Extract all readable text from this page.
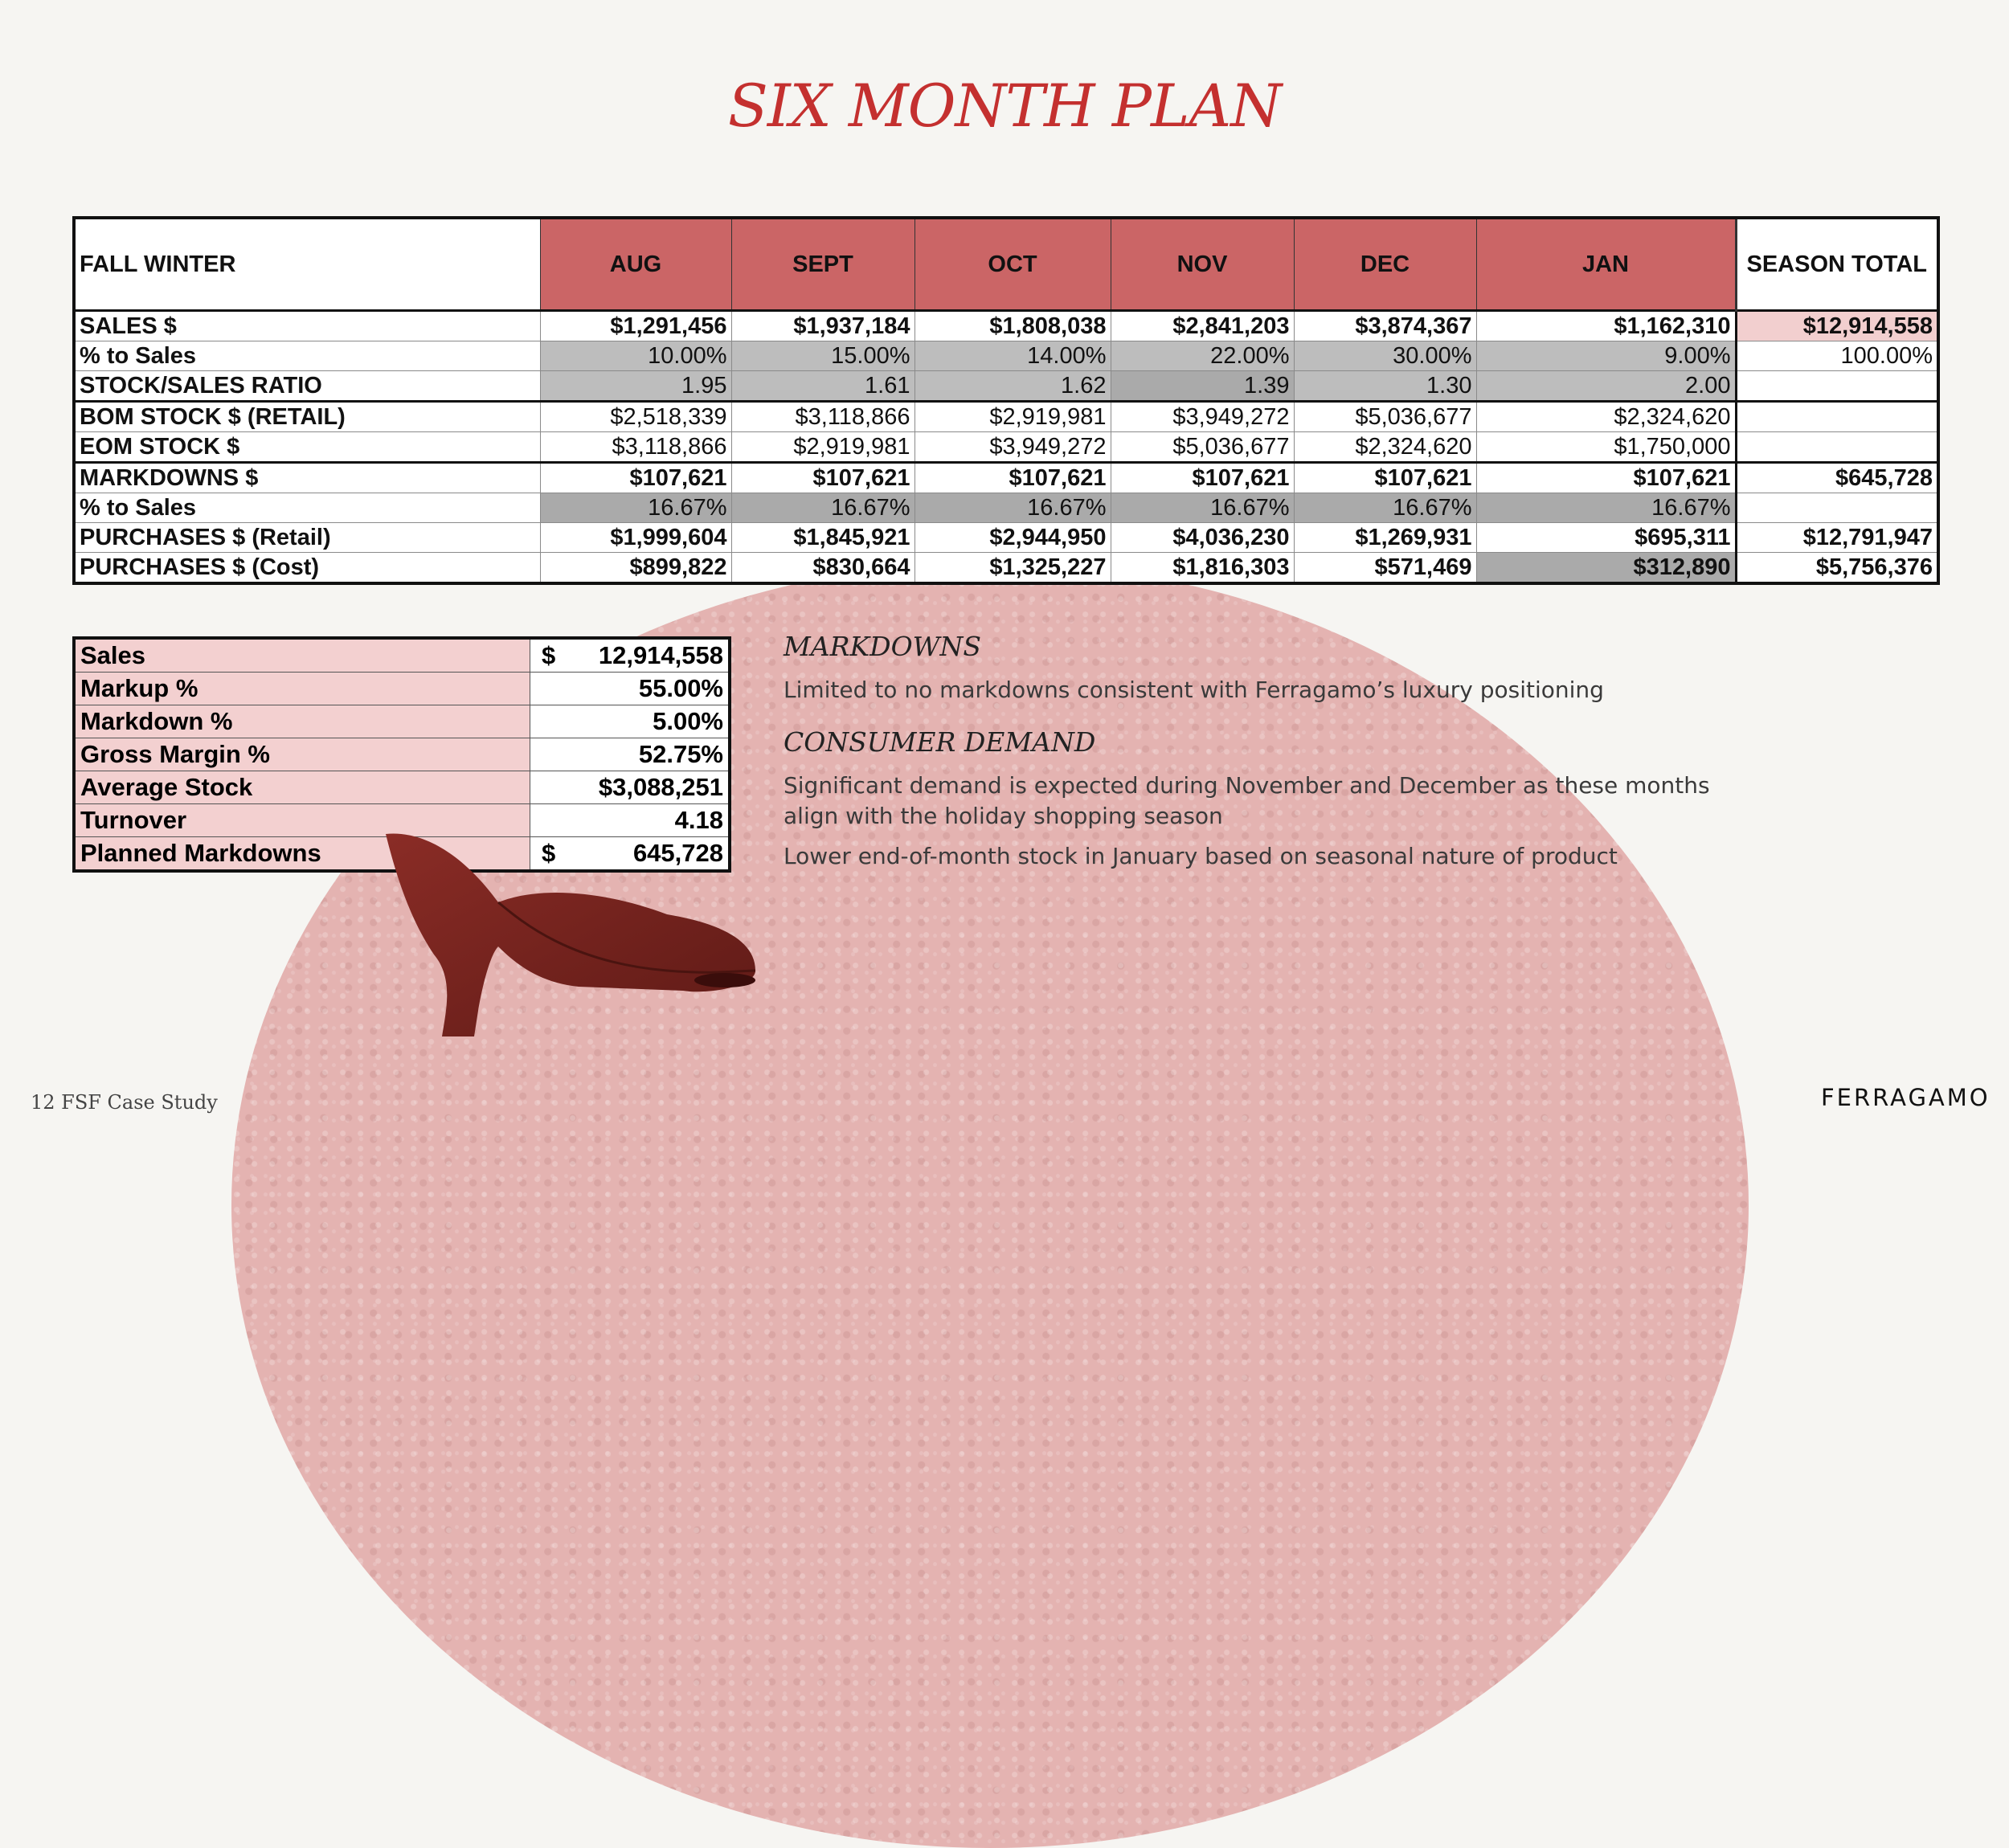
SIX MONTH PLAN
FALL WINTER	AUG	SEPT	OCT	NOV	DEC	JAN	SEASON TOTAL
SALES $	$1,291,456	$1,937,184	$1,808,038	$2,841,203	$3,874,367	$1,162,310	$12,914,558
% to Sales	10.00%	15.00%	14.00%	22.00%	30.00%	9.00%	100.00%
STOCK/SALES RATIO	1.95	1.61	1.62	1.39	1.30	2.00	
BOM STOCK $ (RETAIL)	$2,518,339	$3,118,866	$2,919,981	$3,949,272	$5,036,677	$2,324,620	
EOM STOCK $	$3,118,866	$2,919,981	$3,949,272	$5,036,677	$2,324,620	$1,750,000	
MARKDOWNS $	$107,621	$107,621	$107,621	$107,621	$107,621	$107,621	$645,728
% to Sales	16.67%	16.67%	16.67%	16.67%	16.67%	16.67%	
PURCHASES $ (Retail)	$1,999,604	$1,845,921	$2,944,950	$4,036,230	$1,269,931	$695,311	$12,791,947
PURCHASES $ (Cost)	$899,822	$830,664	$1,325,227	$1,816,303	$571,469	$312,890	$5,756,376
Sales	$ 12,914,558
Markup %	55.00%
Markdown %	5.00%
Gross Margin %	52.75%
Average Stock	$3,088,251
Turnover	4.18
Planned Markdowns	$ 645,728
MARKDOWNS

Limited to no markdowns consistent with Ferragamo’s luxury positioning

CONSUMER DEMAND

Significant demand is expected during November and December as these months align with the holiday shopping season

Lower end-of-month stock in January based on seasonal nature of product

12 FSF Case Study	FERRAGAMO
